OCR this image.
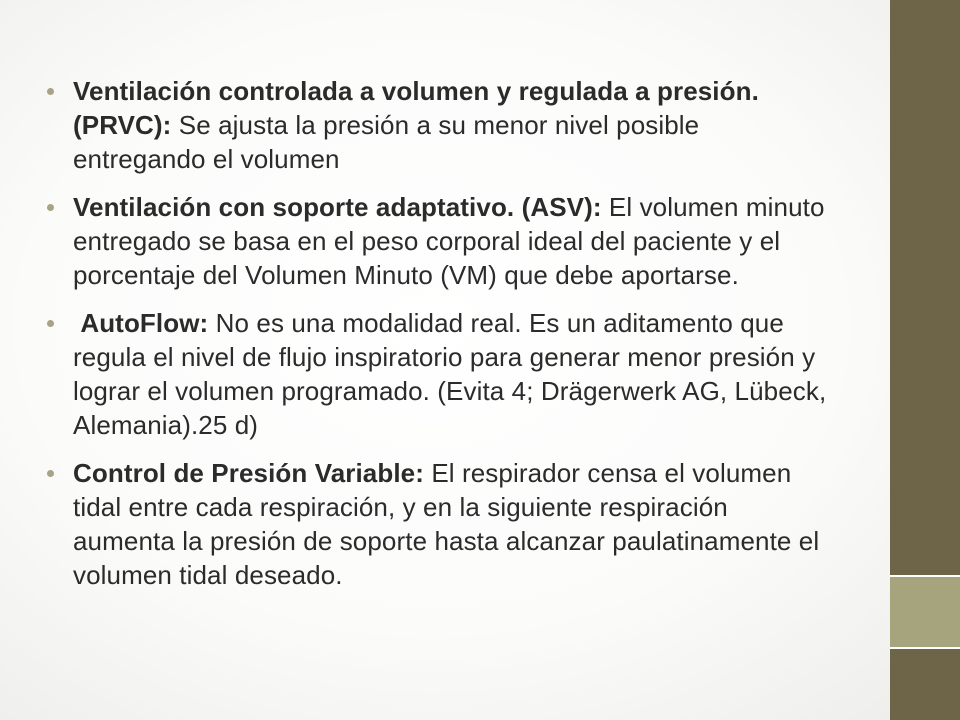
Ventilación controlada a volumen y regulada a presión. (PRVC): Se ajusta la presión a su menor nivel posible entregando el volumen
Ventilación con soporte adaptativo. (ASV): El volumen minuto entregado se basa en el peso corporal ideal del paciente y el porcentaje del Volumen Minuto (VM) que debe aportarse.
AutoFlow: No es una modalidad real. Es un aditamento que regula el nivel de flujo inspiratorio para generar menor presión y lograr el volumen programado. (Evita 4; Drägerwerk AG, Lübeck, Alemania).25 d)
Control de Presión Variable: El respirador censa el volumen tidal entre cada respiración, y en la siguiente respiración aumenta la presión de soporte hasta alcanzar paulatinamente el volumen tidal deseado.
